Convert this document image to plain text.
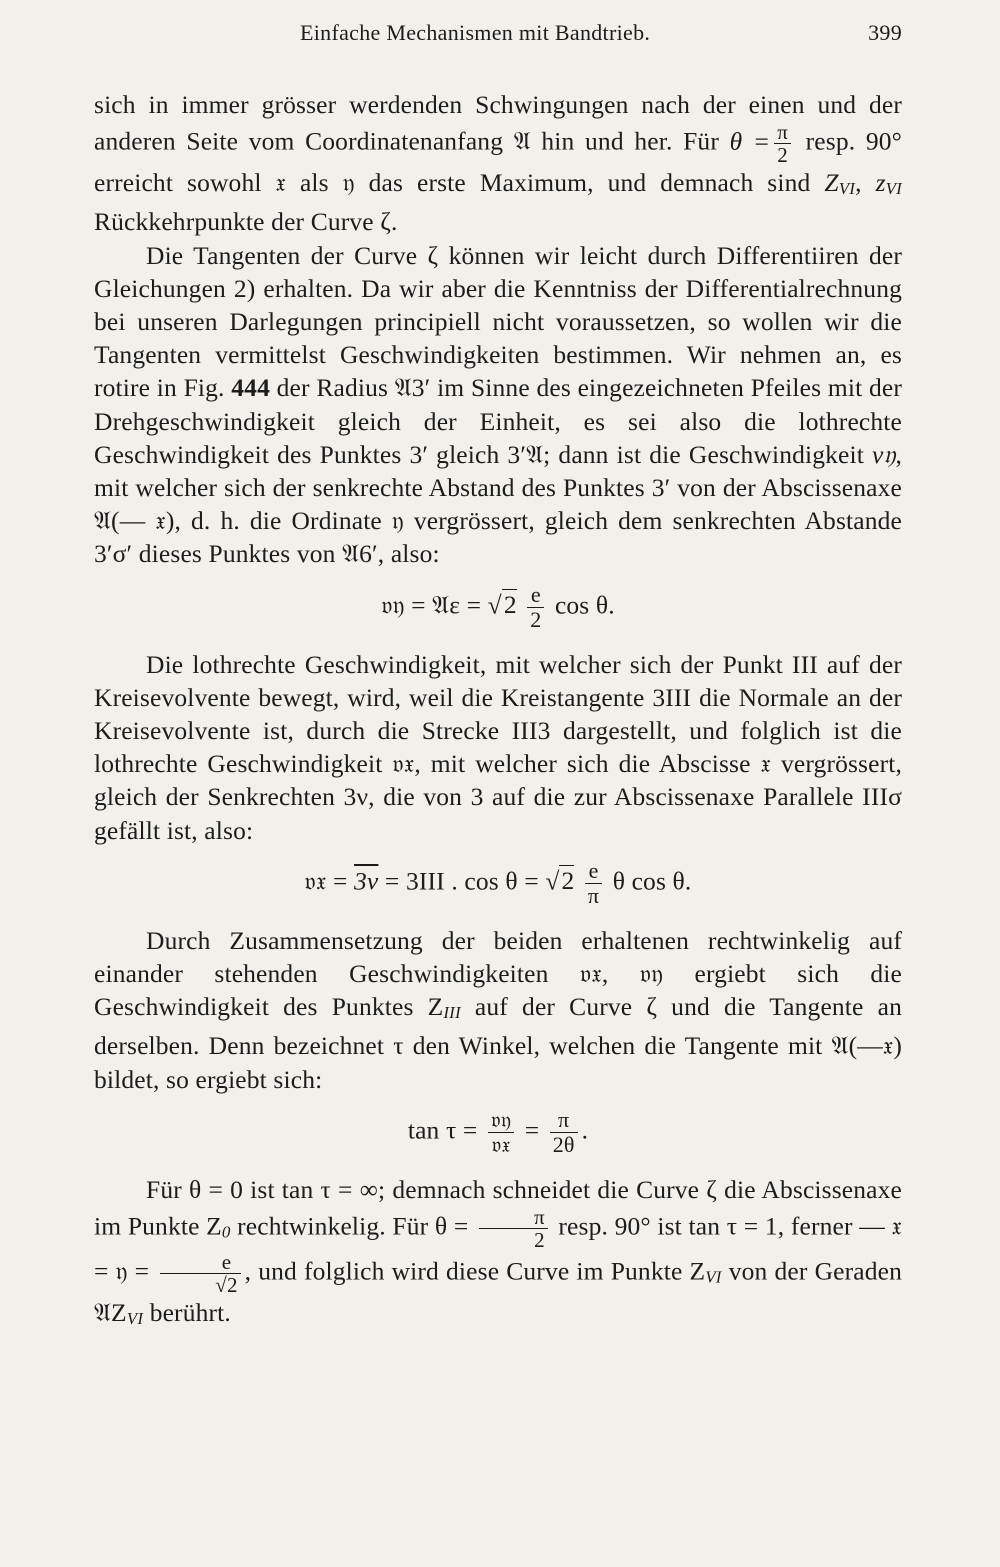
Einfache Mechanismen mit Bandtrieb.	399

sich in immer grösser werdenden Schwingungen nach der einen und der anderen Seite vom Coordinatenanfang 𝔄 hin und her. Für $\theta = \frac{\pi}{2}$ resp. 90° erreicht sowohl 𝔵 als 𝔶 das erste Maximum, und demnach sind ZVI, zVI Rückkehrpunkte der Curve ζ.

Die Tangenten der Curve ζ können wir leicht durch Differentiiren der Gleichungen 2) erhalten. Da wir aber die Kenntniss der Differentialrechnung bei unseren Darlegungen principiell nicht voraussetzen, so wollen wir die Tangenten vermittelst Geschwindigkeiten bestimmen. Wir nehmen an, es rotire in Fig. 444 der Radius 𝔄3′ im Sinne des eingezeichneten Pfeiles mit der Drehgeschwindigkeit gleich der Einheit, es sei also die lothrechte Geschwindigkeit des Punktes 3′ gleich 3′𝔄; dann ist die Geschwindigkeit v𝔶, mit welcher sich der senkrechte Abstand des Punktes 3′ von der Abscissenaxe 𝔄(— 𝔵), d. h. die Ordinate 𝔶 vergrössert, gleich dem senkrechten Abstande 3′σ′ dieses Punktes von 𝔄6′, also:

𝔳𝔶 = 𝔄ε = $√2 \frac{e}{2}$ cos θ.

Die lothrechte Geschwindigkeit, mit welcher sich der Punkt III auf der Kreisevolvente bewegt, wird, weil die Kreistangente 3III die Normale an der Kreisevolvente ist, durch die Strecke III3 dargestellt, und folglich ist die lothrechte Geschwindigkeit 𝔳𝔵, mit welcher sich die Abscisse 𝔵 vergrössert, gleich der Senkrechten 3ν, die von 3 auf die zur Abscissenaxe Parallele IIIσ gefällt ist, also:

𝔳𝔵 = 3ν = 3III . $\cos \theta = √2 \frac{e}{\pi}$ θ cos θ.

Durch Zusammensetzung der beiden erhaltenen rechtwinkelig auf einander stehenden Geschwindigkeiten 𝔳𝔵, 𝔳𝔶 ergiebt sich die Geschwindigkeit des Punktes ZIII auf der Curve ζ und die Tangente an derselben. Denn bezeichnet τ den Winkel, welchen die Tangente mit 𝔄(—𝔵) bildet, so ergiebt sich:

$\tan \tau = \frac{\text{𝔳𝔶}}{\text{𝔳𝔵}} = \frac{\pi}{2\theta}$ .

Für θ = 0 ist tan τ = ∞; demnach schneidet die Curve ζ die Abscissenaxe im Punkte Z0 rechtwinkelig. Für $\theta = \frac{\pi}{2}$ resp. 90° ist tan τ = 1, ferner — 𝔵 = 𝔶 = $\frac{e}{√2}$ , und folglich wird diese Curve im Punkte ZVI von der Geraden 𝔄ZVI berührt.
